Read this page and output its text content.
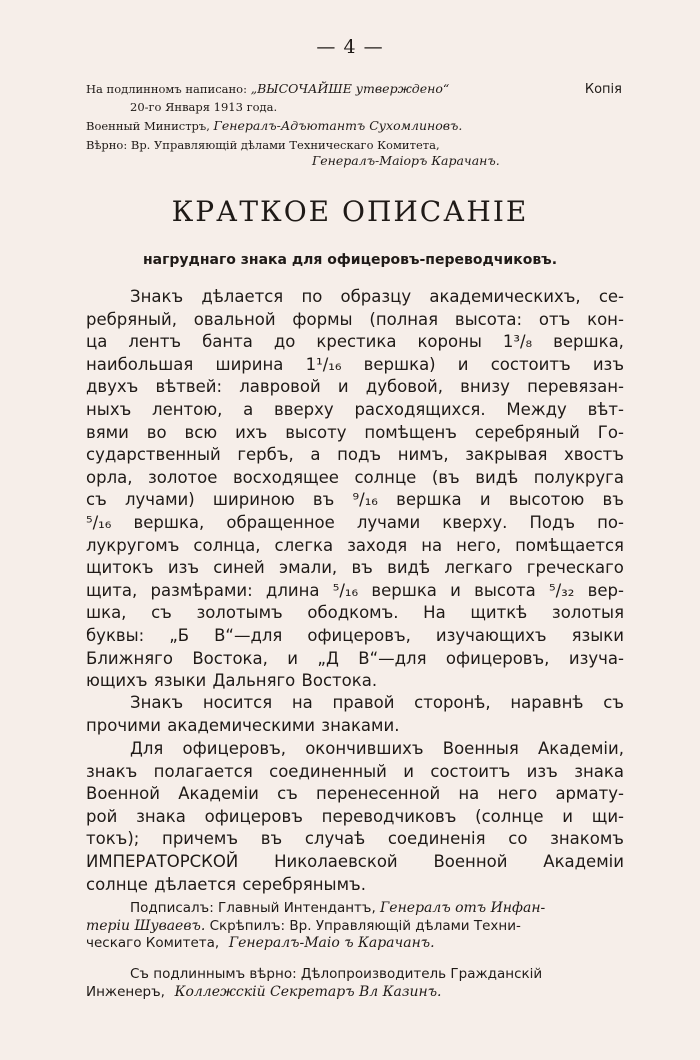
— 4 —
На подлинномъ написано: „ВЫСОЧАЙШЕ утверждено“	Копія
20-го Января 1913 года.
Военный Министръ, Генералъ-Адъютантъ Сухомлиновъ.
Вѣрно: Вр. Управляющій дѣлами Техническаго Комитета,
Генералъ-Маіоръ Карачанъ.
КРАТКОЕ ОПИСАНІЕ
нагруднаго знака для офицеровъ-переводчиковъ.
Знакъ дѣлается по образцу академическихъ, се-
ребряный, овальной формы (полная высота: отъ кон-
ца лентъ банта до крестика короны 1³/₈ вершка,
наибольшая ширина 1¹/₁₆ вершка) и состоитъ изъ
двухъ вѣтвей: лавровой и дубовой, внизу перевязан-
ныхъ лентою, а вверху расходящихся. Между вѣт-
вями во всю ихъ высоту помѣщенъ серебряный Го-
сударственный гербъ, а подъ нимъ, закрывая хвостъ
орла, золотое восходящее солнце (въ видѣ полукруга
съ лучами) шириною въ ⁹/₁₆ вершка и высотою въ
⁵/₁₆ вершка, обращенное лучами кверху. Подъ по-
лукругомъ солнца, слегка заходя на него, помѣщается
щитокъ изъ синей эмали, въ видѣ легкаго греческаго
щита, размѣрами: длина ⁵/₁₆ вершка и высота ⁵/₃₂ вер-
шка, съ золотымъ ободкомъ. На щиткѣ золотыя
буквы: „Б В“—для офицеровъ, изучающихъ языки
Ближняго Востока, и „Д В“—для офицеровъ, изуча-
ющихъ языки Дальняго Востока.
Знакъ носится на правой сторонѣ, наравнѣ съ
прочими академическими знаками.
Для офицеровъ, окончившихъ Военныя Академіи,
знакъ полагается соединенный и состоитъ изъ знака
Военной Академіи съ перенесенной на него армату-
рой знака офицеровъ переводчиковъ (солнце и щи-
токъ); причемъ въ случаѣ соединенія со знакомъ
ИМПЕРАТОРСКОЙ Николаевской Военной Академіи
солнце дѣлается серебрянымъ.
Подписалъ: Главный Интендантъ, Генералъ отъ Инфан-
теріи Шуваевъ. Скрѣпилъ: Вр. Управляющій дѣлами Техни-
ческаго Комитета, Генералъ-Маіо ъ Карачанъ.
Съ подлиннымъ вѣрно: Дѣлопроизводитель Гражданскій
Инженеръ, Коллежскій Секретаръ Вл Казинъ.
